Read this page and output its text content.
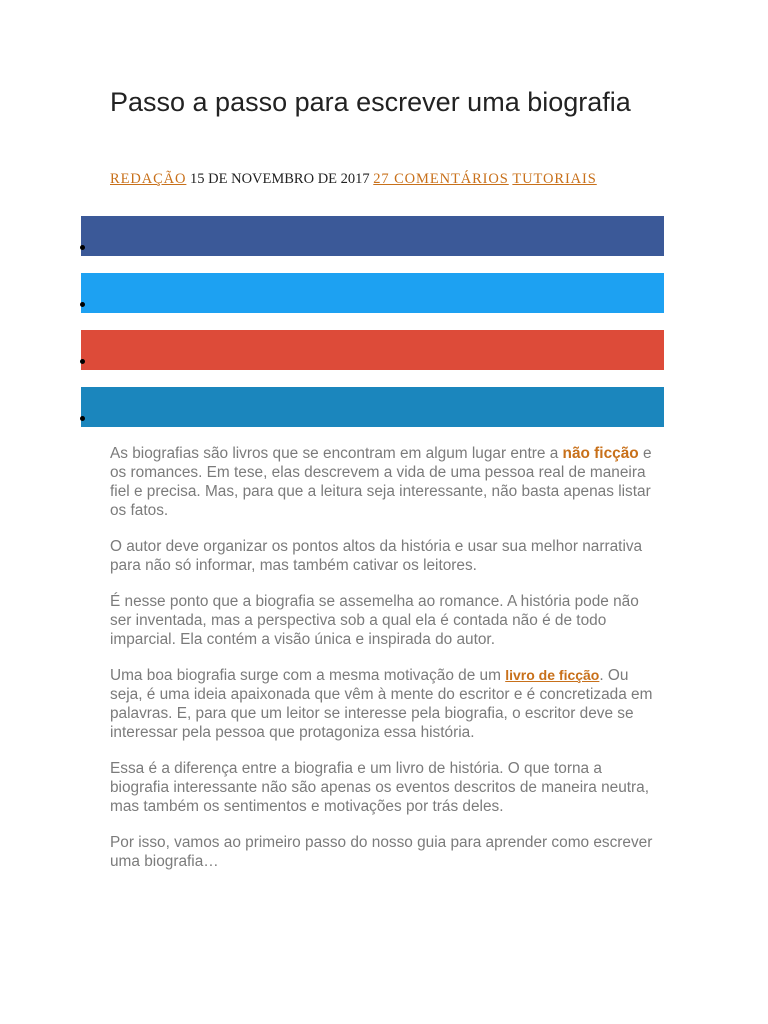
Passo a passo para escrever uma biografia
REDAÇÃO 15 DE NOVEMBRO DE 2017 27 COMENTÁRIOS TUTORIAIS

As biografias são livros que se encontram em algum lugar entre a não ficção e os romances. Em tese, elas descrevem a vida de uma pessoa real de maneira fiel e precisa. Mas, para que a leitura seja interessante, não basta apenas listar os fatos.

O autor deve organizar os pontos altos da história e usar sua melhor narrativa para não só informar, mas também cativar os leitores.

É nesse ponto que a biografia se assemelha ao romance. A história pode não ser inventada, mas a perspectiva sob a qual ela é contada não é de todo imparcial. Ela contém a visão única e inspirada do autor.

Uma boa biografia surge com a mesma motivação de um livro de ficção. Ou seja, é uma ideia apaixonada que vêm à mente do escritor e é concretizada em palavras. E, para que um leitor se interesse pela biografia, o escritor deve se interessar pela pessoa que protagoniza essa história.

Essa é a diferença entre a biografia e um livro de história. O que torna a biografia interessante não são apenas os eventos descritos de maneira neutra, mas também os sentimentos e motivações por trás deles.

Por isso, vamos ao primeiro passo do nosso guia para aprender como escrever uma biografia…
